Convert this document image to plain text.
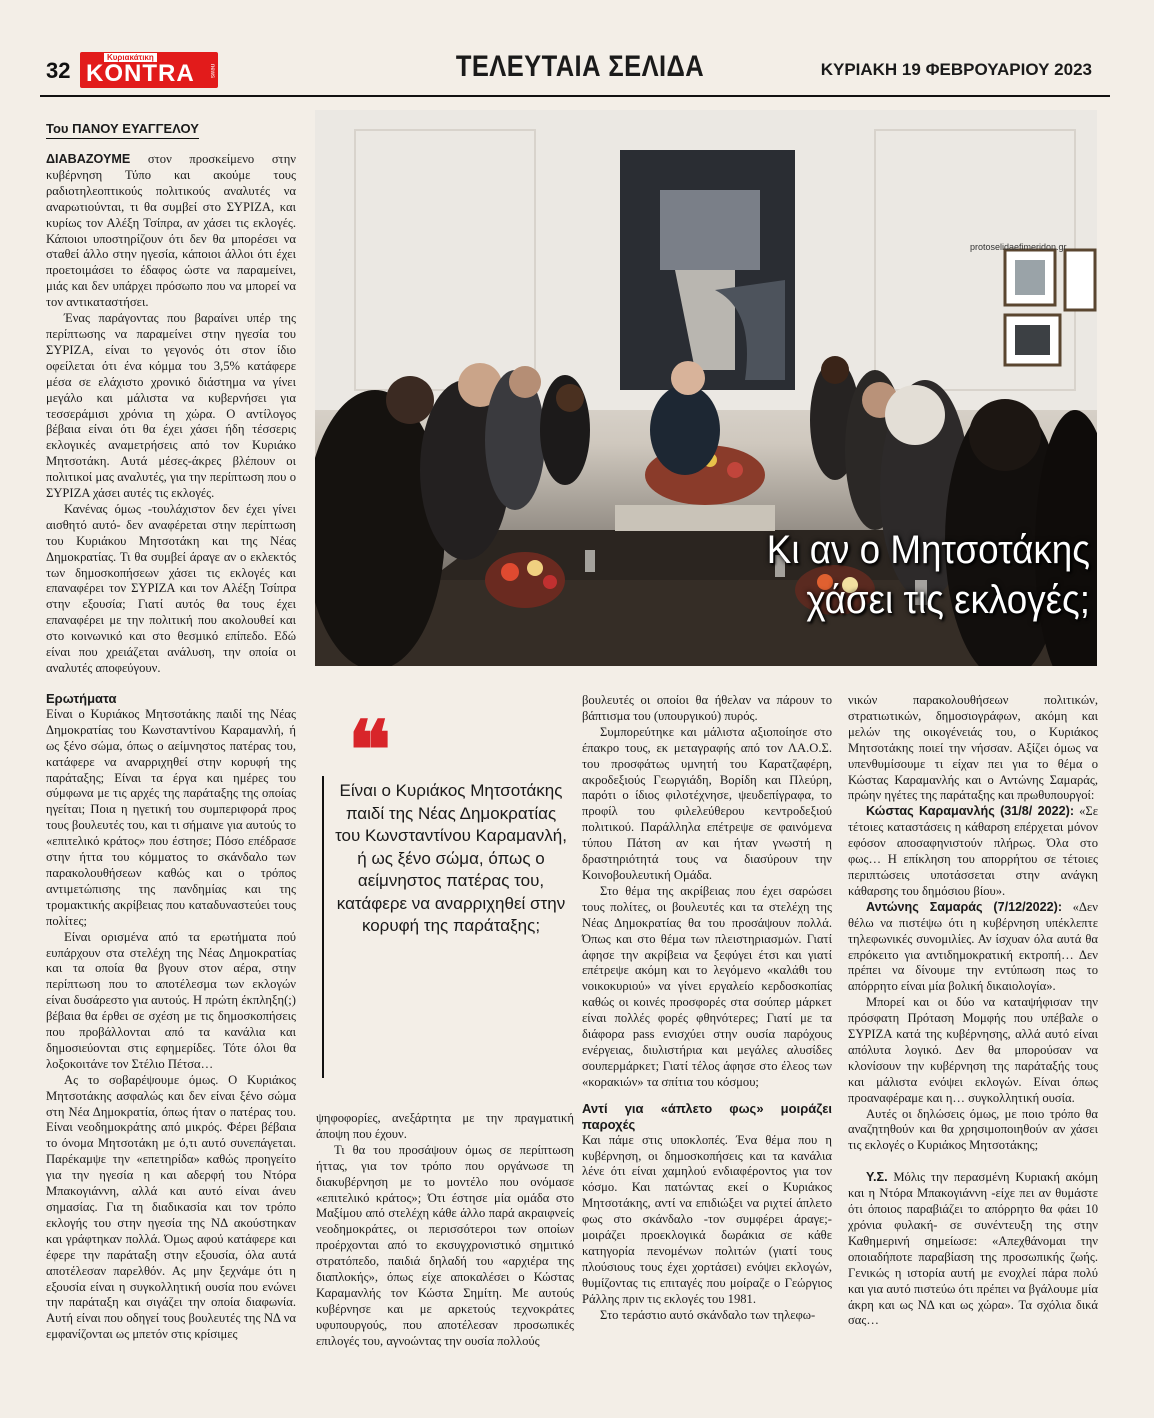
32
Κυριακάτικη
KONTRA news	ΤΕΛΕΥΤΑΙΑ ΣΕΛΙΔΑ	ΚΥΡΙΑΚΗ 19 ΦΕΒΡΟΥΑΡΙΟΥ 2023
Του ΠΑΝΟΥ ΕΥΑΓΓΕΛΟΥ
protoselidaefimeridon.gr
Κι αν ο Μητσοτάκης
χάσει τις εκλογές;

ΔΙΑΒΑΖΟΥΜΕ στον προσκείμενο στην κυβέρνηση Τύπο και ακούμε τους ραδιοτηλεοπτικούς πολιτικούς αναλυτές να αναρωτιούνται, τι θα συμβεί στο ΣΥΡΙΖΑ, και κυρίως τον Αλέξη Τσίπρα, αν χάσει τις εκλογές. Κάποιοι υποστηρίζουν ότι δεν θα μπορέσει να σταθεί άλλο στην ηγεσία, κάποιοι άλλοι ότι έχει προετοιμάσει το έδαφος ώστε να παραμείνει, μιάς και δεν υπάρχει πρόσωπο που να μπορεί να τον αντικαταστήσει.

Ένας παράγοντας που βαραίνει υπέρ της περίπτωσης να παραμείνει στην ηγεσία του ΣΥΡΙΖΑ, είναι το γεγονός ότι στον ίδιο οφείλεται ότι ένα κόμμα του 3,5% κατάφερε μέσα σε ελάχιστο χρονικό διάστημα να γίνει μεγάλο και μάλιστα να κυβερνήσει για τεσσεράμισι χρόνια τη χώρα. Ο αντίλογος βέβαια είναι ότι θα έχει χάσει ήδη τέσσερις εκλογικές αναμετρήσεις από τον Κυριάκο Μητσοτάκη. Αυτά μέσες-άκρες βλέπουν οι πολιτικοί μας αναλυτές, για την περίπτωση που ο ΣΥΡΙΖΑ χάσει αυτές τις εκλογές.

Κανένας όμως -τουλάχιστον δεν έχει γίνει αισθητό αυτό- δεν αναφέρεται στην περίπτωση του Κυριάκου Μητσοτάκη και της Νέας Δημοκρατίας. Τι θα συμβεί άραγε αν ο εκλεκτός των δημοσκοπήσεων χάσει τις εκλογές και επαναφέρει τον ΣΥΡΙΖΑ και τον Αλέξη Τσίπρα στην εξουσία; Γιατί αυτός θα τους έχει επαναφέρει με την πολιτική που ακολουθεί και στο κοινωνικό και στο θεσμικό επίπεδο. Εδώ είναι που χρειάζεται ανάλυση, την οποία οι αναλυτές αποφεύγουν.

Ερωτήματα

Είναι ο Κυριάκος Μητσοτάκης παιδί της Νέας Δημοκρατίας του Κωνσταντίνου Καραμανλή, ή ως ξένο σώμα, όπως ο αείμνηστος πατέρας του, κατάφερε να αναρριχηθεί στην κορυφή της παράταξης; Είναι τα έργα και ημέρες του σύμφωνα με τις αρχές της παράταξης της οποίας ηγείται; Ποια η ηγετική του συμπεριφορά προς τους βουλευτές του, και τι σήμαινε για αυτούς το «επιτελικό κράτος» που έστησε; Πόσο επέδρασε στην ήττα του κόμματος το σκάνδαλο των παρακολουθήσεων καθώς και ο τρόπος αντιμετώπισης της πανδημίας και της τρομακτικής ακρίβειας που καταδυναστεύει τους πολίτες;

Είναι ορισμένα από τα ερωτήματα πού ευπάρχουν στα στελέχη της Νέας Δημοκρατίας και τα οποία θα βγουν στον αέρα, στην περίπτωση που το αποτέλεσμα των εκλογών είναι δυσάρεστο για αυτούς. Η πρώτη έκπληξη(;) βέβαια θα έρθει σε σχέση με τις δημοσκοπήσεις που προβάλλονται από τα κανάλια και δημοσιεύονται στις εφημερίδες. Τότε όλοι θα λοξοκοιτάνε τον Στέλιο Πέτσα…

Ας το σοβαρέψουμε όμως. Ο Κυριάκος Μητσοτάκης ασφαλώς και δεν είναι ξένο σώμα στη Νέα Δημοκρατία, όπως ήταν ο πατέρας του. Είναι νεοδημοκράτης από μικρός. Φέρει βέβαια το όνομα Μητσοτάκη με ό,τι αυτό συνεπάγεται. Παρέκαμψε την «επετηρίδα» καθώς προηγείτο για την ηγεσία η και αδερφή του Ντόρα Μπακογιάννη, αλλά και αυτό είναι άνευ σημασίας. Για τη διαδικασία και τον τρόπο εκλογής του στην ηγεσία της ΝΔ ακούστηκαν και γράφτηκαν πολλά. Όμως αφού κατάφερε και έφερε την παράταξη στην εξουσία, όλα αυτά αποτέλεσαν παρελθόν. Ας μην ξεχνάμε ότι η εξουσία είναι η συγκολλητική ουσία που ενώνει την παράταξη και σιγάζει την οποία διαφωνία. Αυτή είναι που οδηγεί τους βουλευτές της ΝΔ να εμφανίζονται ως μπετόν στις κρίσιμες

❝
Είναι ο Κυριάκος Μητσοτάκης παιδί της Νέας Δημοκρατίας του Κωνσταντίνου Καραμανλή, ή ως ξένο σώμα, όπως ο αείμνηστος πατέρας του, κατάφερε να αναρριχηθεί στην κορυφή της παράταξης;

ψηφοφορίες, ανεξάρτητα με την πραγματική άποψη που έχουν.

Τι θα του προσάψουν όμως σε περίπτωση ήττας, για τον τρόπο που οργάνωσε τη διακυβέρνηση με το μοντέλο που ονόμασε «επιτελικό κράτος»; Ότι έστησε μία ομάδα στο Μαξίμου από στελέχη κάθε άλλο παρά ακραιφνείς νεοδημοκράτες, οι περισσότεροι των οποίων προέρχονται από το εκσυγχρονιστικό σημιτικό στρατόπεδο, παιδιά δηλαδή του «αρχιέρα της διαπλοκής», όπως είχε αποκαλέσει ο Κώστας Καραμανλής τον Κώστα Σημίτη. Με αυτούς κυβέρνησε και με αρκετούς τεχνοκράτες υφυπουργούς, που αποτέλεσαν προσωπικές επιλογές του, αγνοώντας την ουσία πολλούς

βουλευτές οι οποίοι θα ήθελαν να πάρουν το βάπτισμα του (υπουργικού) πυρός.

Συμπορεύτηκε και μάλιστα αξιοποίησε στο έπακρο τους, εκ μεταγραφής από τον ΛΑ.Ο.Σ. του προσφάτως υμνητή του Καρατζαφέρη, ακροδεξιούς Γεωργιάδη, Βορίδη και Πλεύρη, παρότι ο ίδιος φιλοτέχνησε, ψευδεπίγραφα, το προφίλ του φιλελεύθερου κεντροδεξιού πολιτικού. Παράλληλα επέτρεψε σε φαινόμενα τύπου Πάτση αν και ήταν γνωστή η δραστηριότητά τους να διασύρουν την Κοινοβουλευτική Ομάδα.

Στο θέμα της ακρίβειας που έχει σαρώσει τους πολίτες, οι βουλευτές και τα στελέχη της Νέας Δημοκρατίας θα του προσάψουν πολλά. Όπως και στο θέμα των πλειστηριασμών. Γιατί άφησε την ακρίβεια να ξεφύγει έτσι και γιατί επέτρεψε ακόμη και το λεγόμενο «καλάθι του νοικοκυριού» να γίνει εργαλείο κερδοσκοπίας καθώς οι κοινές προσφορές στα σούπερ μάρκετ είναι πολλές φορές φθηνότερες; Γιατί με τα διάφορα pass ενισχύει στην ουσία παρόχους ενέργειας, διυλιστήρια και μεγάλες αλυσίδες σουπερμάρκετ; Γιατί τέλος άφησε στο έλεος των «κορακιών» τα σπίτια του κόσμου;

Αντί για «άπλετο φως» μοιράζει παροχές

Και πάμε στις υποκλοπές. Ένα θέμα που η κυβέρνηση, οι δημοσκοπήσεις και τα κανάλια λένε ότι είναι χαμηλού ενδιαφέροντος για τον κόσμο. Και πατώντας εκεί ο Κυριάκος Μητσοτάκης, αντί να επιδιώξει να ριχτεί άπλετο φως στο σκάνδαλο -τον συμφέρει άραγε;- μοιράζει προεκλογικά δωράκια σε κάθε κατηγορία πενομένων πολιτών (γιατί τους πλούσιους τους έχει χορτάσει) ενόψει εκλογών, θυμίζοντας τις επιταγές που μοίραζε ο Γεώργιος Ράλλης πριν τις εκλογές του 1981.

Στο τεράστιο αυτό σκάνδαλο των τηλεφω-

νικών παρακολουθήσεων πολιτικών, στρατιωτικών, δημοσιογράφων, ακόμη και μελών της οικογένειάς του, ο Κυριάκος Μητσοτάκης ποιεί την νήσσαν. Αξίζει όμως να υπενθυμίσουμε τι είχαν πει για το θέμα ο Κώστας Καραμανλής και ο Αντώνης Σαμαράς, πρώην ηγέτες της παράταξης και πρωθυπουργοί:

Κώστας Καραμανλής (31/8/ 2022): «Σε τέτοιες καταστάσεις η κάθαρση επέρχεται μόνον εφόσον αποσαφηνιστούν πλήρως. Όλα στο φως… Η επίκληση του απορρήτου σε τέτοιες περιπτώσεις υποτάσσεται στην ανάγκη κάθαρσης του δημόσιου βίου».

Αντώνης Σαμαράς (7/12/2022): «Δεν θέλω να πιστέψω ότι η κυβέρνηση υπέκλεπτε τηλεφωνικές συνομιλίες. Αν ίσχυαν όλα αυτά θα επρόκειτο για αντιδημοκρατική εκτροπή… Δεν πρέπει να δίνουμε την εντύπωση πως το απόρρητο είναι μία βολική δικαιολογία».

Μπορεί και οι δύο να καταψήφισαν την πρόσφατη Πρόταση Μομφής που υπέβαλε ο ΣΥΡΙΖΑ κατά της κυβέρνησης, αλλά αυτό είναι απόλυτα λογικό. Δεν θα μπορούσαν να κλονίσουν την κυβέρνηση της παράταξής τους και μάλιστα ενόψει εκλογών. Είναι όπως προαναφέραμε και η… συγκολλητική ουσία.

Αυτές οι δηλώσεις όμως, με ποιο τρόπο θα αναζητηθούν και θα χρησιμοποιηθούν αν χάσει τις εκλογές ο Κυριάκος Μητσοτάκης;

Υ.Σ. Μόλις την περασμένη Κυριακή ακόμη και η Ντόρα Μπακογιάννη -είχε πει αν θυμάστε ότι όποιος παραβιάζει το απόρρητο θα φάει 10 χρόνια φυλακή- σε συνέντευξη της στην Καθημερινή σημείωσε: «Απεχθάνομαι την οποιαδήποτε παραβίαση της προσωπικής ζωής. Γενικώς η ιστορία αυτή με ενοχλεί πάρα πολύ και για αυτό πιστεύω ότι πρέπει να βγάλουμε μία άκρη και ως ΝΔ και ως χώρα». Τα σχόλια δικά σας…
